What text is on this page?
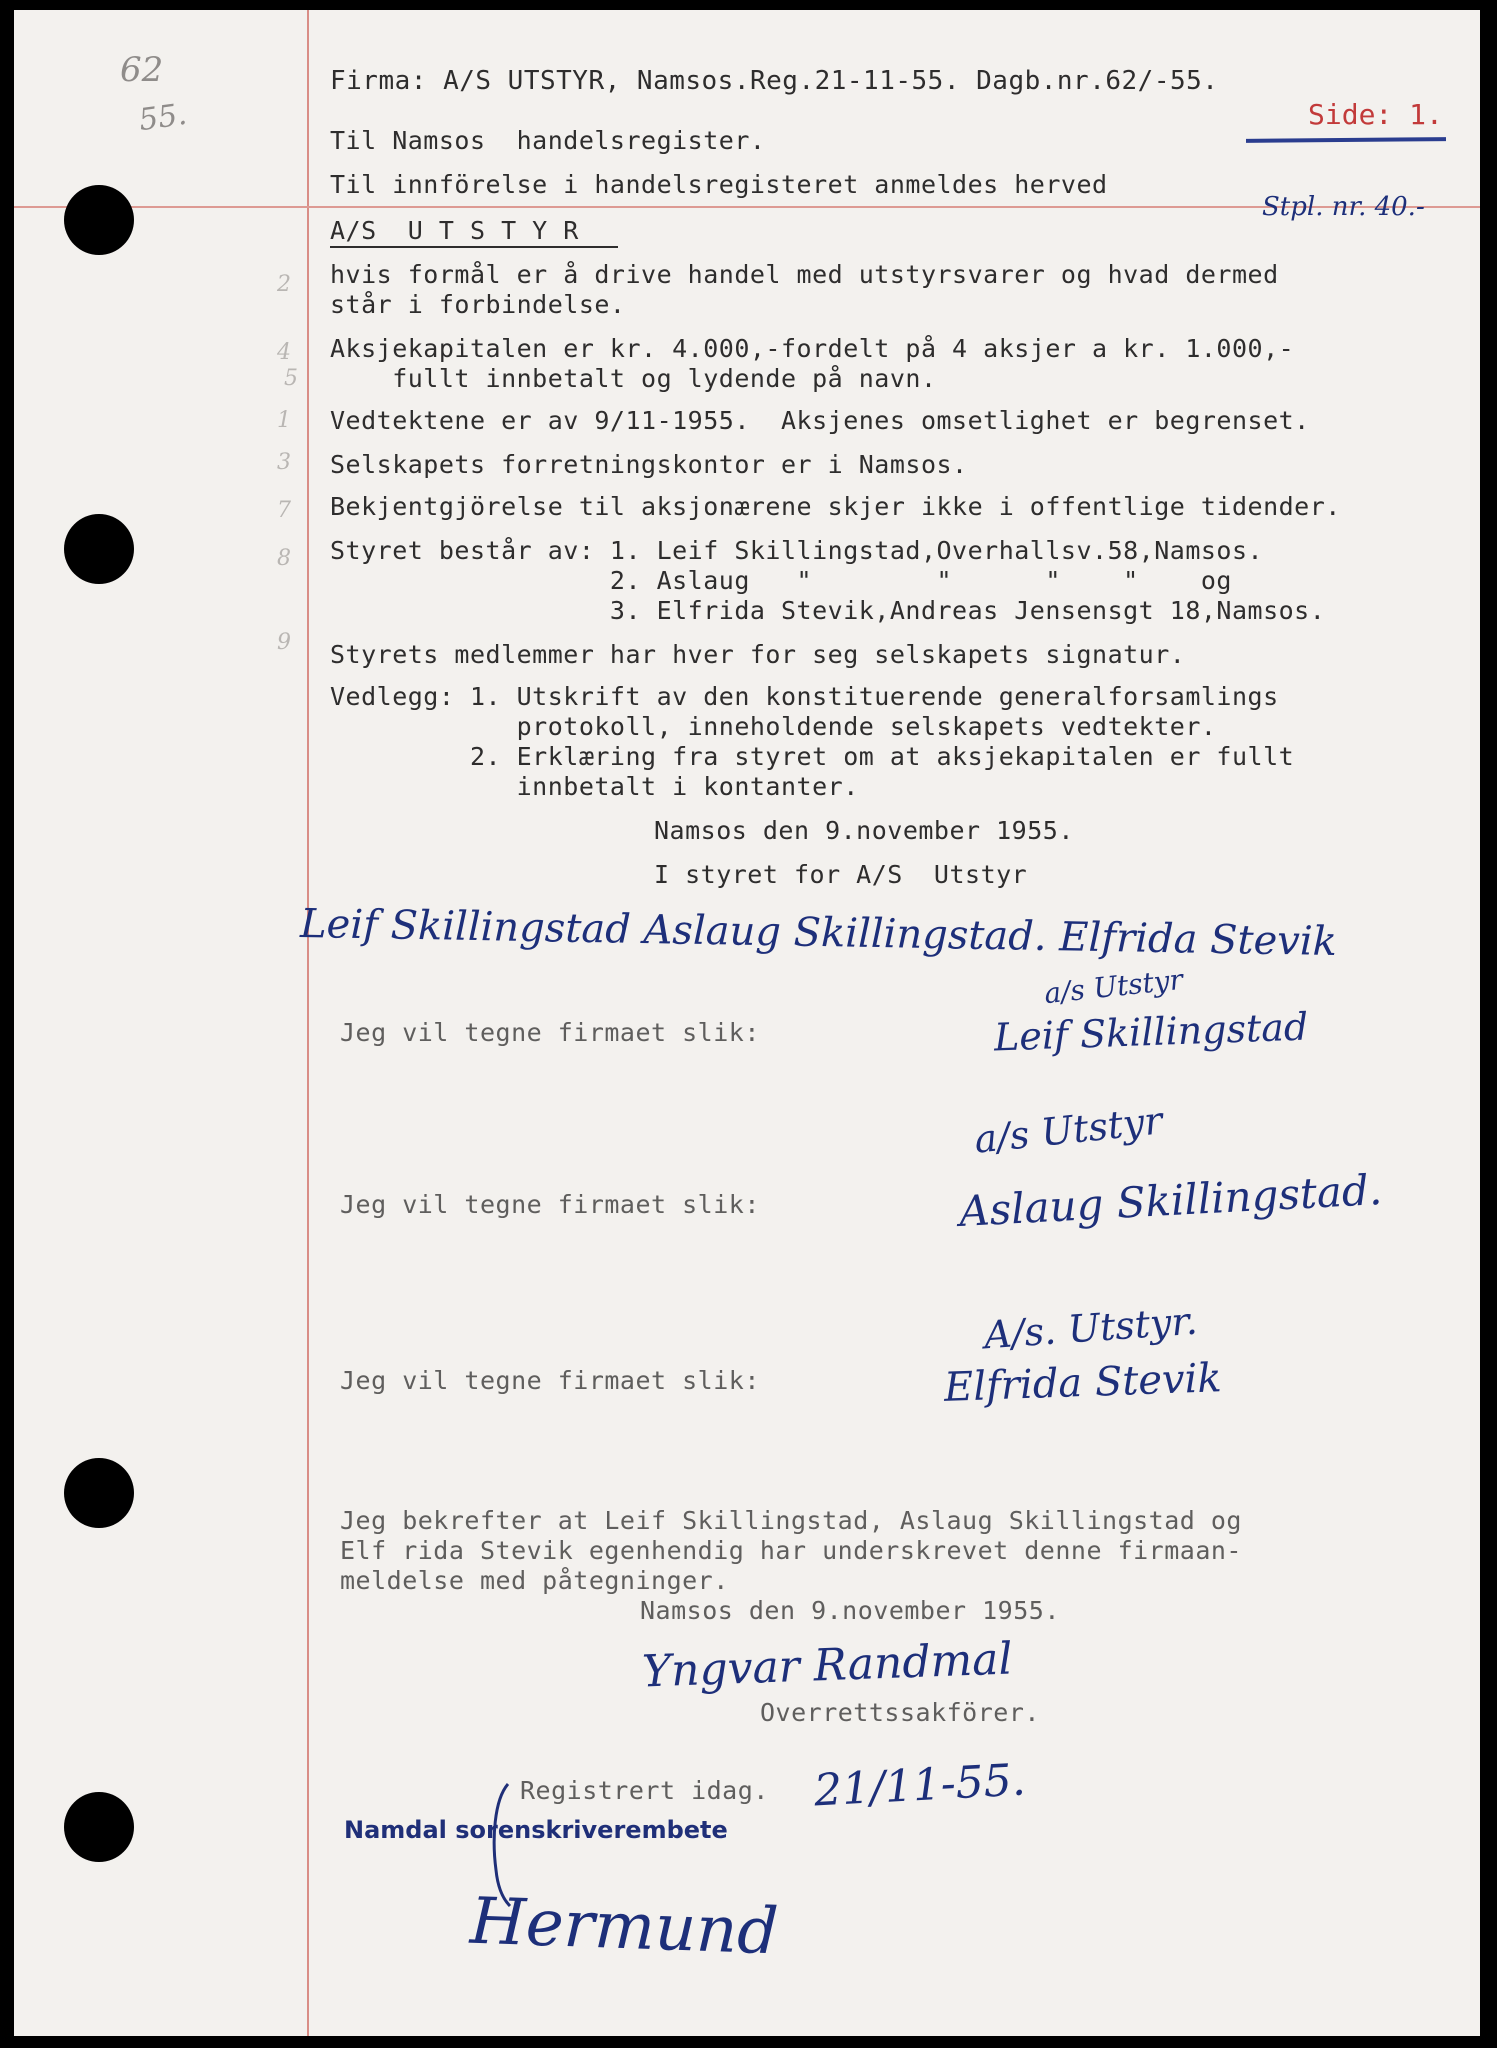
2
4
5
1
3
7
8
9
62
55.

Firma: A/S UTSTYR, Namsos.Reg.21-11-55. Dagb.nr.62/-55.

Side: 1.
Stpl. nr. 40.-

Til Namsos  handelsregister.

Til innförelse i handelsregisteret anmeldes herved

A/S  U T S T Y R

hvis formål er å drive handel med utstyrsvarer og hvad dermed

står i forbindelse.

Aksjekapitalen er kr. 4.000,-fordelt på 4 aksjer a kr. 1.000,-

fullt innbetalt og lydende på navn.

Vedtektene er av 9/11-1955.  Aksjenes omsetlighet er begrenset.

Selskapets forretningskontor er i Namsos.

Bekjentgjörelse til aksjonærene skjer ikke i offentlige tidender.

Styret består av: 1. Leif Skillingstad,Overhallsv.58,Namsos.

2. Aslaug   "        "      "    "    og

3. Elfrida Stevik,Andreas Jensensgt 18,Namsos.

Styrets medlemmer har hver for seg selskapets signatur.

Vedlegg: 1. Utskrift av den konstituerende generalforsamlings

protokoll, inneholdende selskapets vedtekter.

2. Erklæring fra styret om at aksjekapitalen er fullt

innbetalt i kontanter.

Namsos den 9.november 1955.

I styret for A/S  Utstyr

Leif Skillingstad Aslaug Skillingstad. Elfrida Stevik

Jeg vil tegne firmaet slik:

a/s Utstyr
Leif Skillingstad

Jeg vil tegne firmaet slik:

a/s Utstyr
Aslaug Skillingstad.

Jeg vil tegne firmaet slik:

A/s. Utstyr.
Elfrida Stevik

Jeg bekrefter at Leif Skillingstad, Aslaug Skillingstad og

Elf rida Stevik egenhendig har underskrevet denne firmaan-

meldelse med påtegninger.

Namsos den 9.november 1955.

Yngvar Randmal

Overrettssakförer.

Registrert idag. 21/11-55.
Namdal sorenskriverembete
Hermund
